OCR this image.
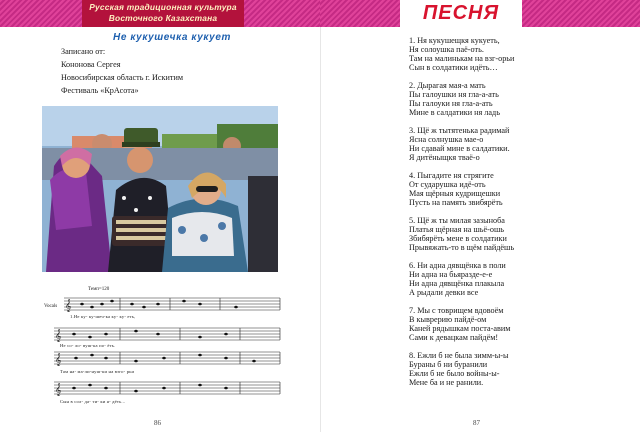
Русская традиционная культура
Восточного Казахстана
Не кукушечка кукует
Записано от:
Кононова Сергея
Новосибирская область г. Искитим
Фестиваль «КрАсота»
𝄞
𝄞
𝄞
𝄞
Темп=120
Vocals
1.Не ку- ку-шеч-ка ку- ку- еть,
Не со- ло- вуш-ка по- ёть.
Там на- ма-ли-нуш-ки на взго- рьи
Сын в сол- да- ти- ки я- дёть...
86
ПЕСНЯ
1. Ня кукушещкя кукуеть,
Ня солоушка паё-оть.
Там на малинькам на взг-орьи
Сын в солдатики идёть…
2. Дырагая мая-а мать
Пы галоушки ня гла-а-ать
Пы галоуки ня гла-а-ать
Мине в салдатики ня ладь
3. Щё ж тытятенька радимай
Ясна солнушка мае-о
Ни сдавай мине в салдатики.
Я дитёныщкя тваё-о
4. Пыгадите ня стрягите
От сударушка идё-оть
Мая щёрныя кудрищешки
Пусть на память звибярёть
5. Щё ж ты милая зазыноба
Платья щёрная на шьё-ошь
Збибярёть мене в солдатики
Прывяжать-то в щём пайдёшь
6. Ни адна дявщёнка в поли
Ни адна на бьяразде-е-е
Ни адна дявщёнка плакыла
А рыдали девки все
7. Мы с товрищем вдовоём
В кыврерию пайдё-ом
Каней рядышкам поста-авим
Сами к девацкам пайдём!
8. Ежли б не была зимм-ы-ы
Бураны б ни буранили
Ежли б не было войны-ы-
Мене ба и не ранили.
87
